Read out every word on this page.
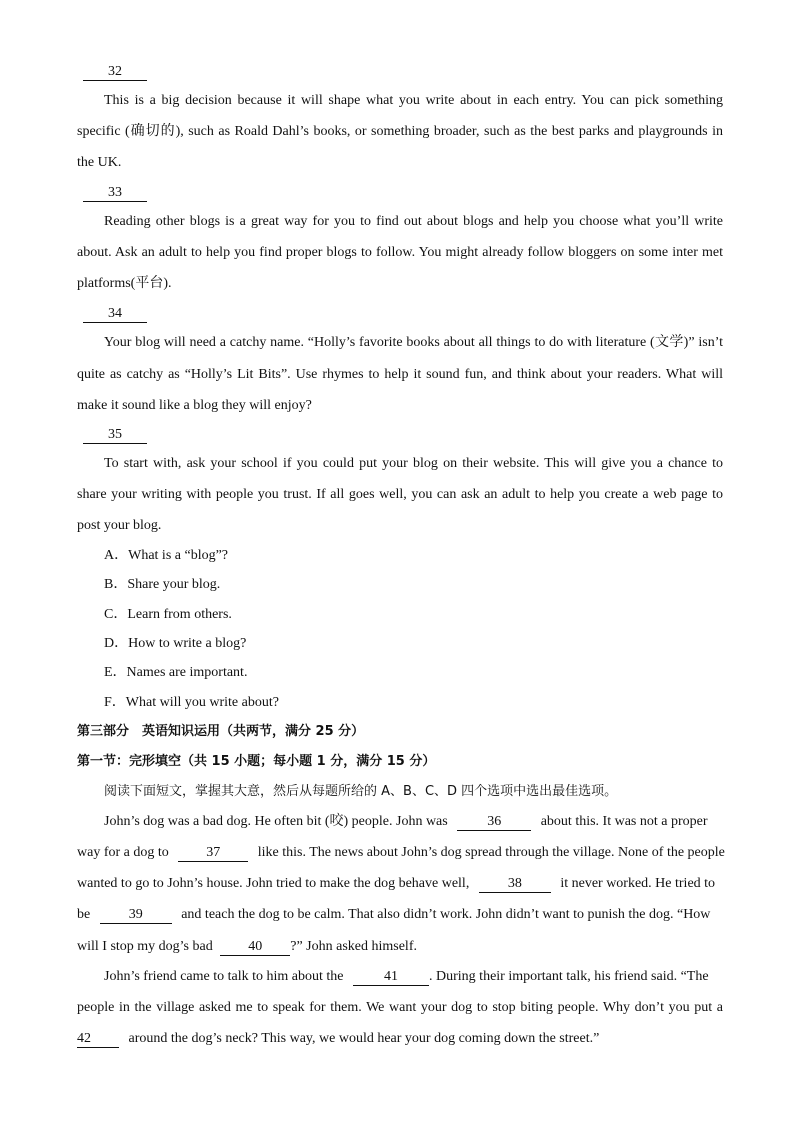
32
This is a big decision because it will shape what you write about in each entry. You can pick something
specific (确切的), such as Roald Dahl’s books, or something broader, such as the best parks and playgrounds in
the UK.
33
Reading other blogs is a great way for you to find out about blogs and help you choose what you’ll write
about. Ask an adult to help you find proper blogs to follow. You might already follow bloggers on some inter met
platforms(平台).
34
Your blog will need a catchy name. “Holly’s favorite books about all things to do with literature (文学)” isn’t
quite as catchy as “Holly’s Lit Bits”. Use rhymes to help it sound fun, and think about your readers. What will
make it sound like a blog they will enjoy?
35
To start with, ask your school if you could put your blog on their website. This will give you a chance to
share your writing with people you trust. If all goes well, you can ask an adult to help you create a web page to
post your blog.
A．What is a “blog”?
B．Share your blog.
C．Learn from others.
D．How to write a blog?
E．Names are important.
F．What will you write about?
第三部分　英语知识运用（共两节，满分 25 分）
第一节：完形填空（共 15 小题；每小题 1 分，满分 15 分）
阅读下面短文，掌握其大意，然后从每题所给的 A、B、C、D 四个选项中选出最佳选项。
John’s dog was a bad dog. He often bit (咬) people. John was	36	about this. It was not a proper
way for a dog to	37	like this. The news about John’s dog spread through the village. None of the people
wanted to go to John’s house. John tried to make the dog behave well,	38	it never worked. He tried to
be	39	and teach the dog to be calm. That also didn’t work. John didn’t want to punish the dog. “How
will I stop my dog’s bad	40 ?” John asked himself.
John’s friend came to talk to him about the	41 . During their important talk, his friend said. “The
people in the village asked me to speak for them. We want your dog to stop biting people. Why don’t you put a
42	around the dog’s neck? This way, we would hear your dog coming down the street.”
